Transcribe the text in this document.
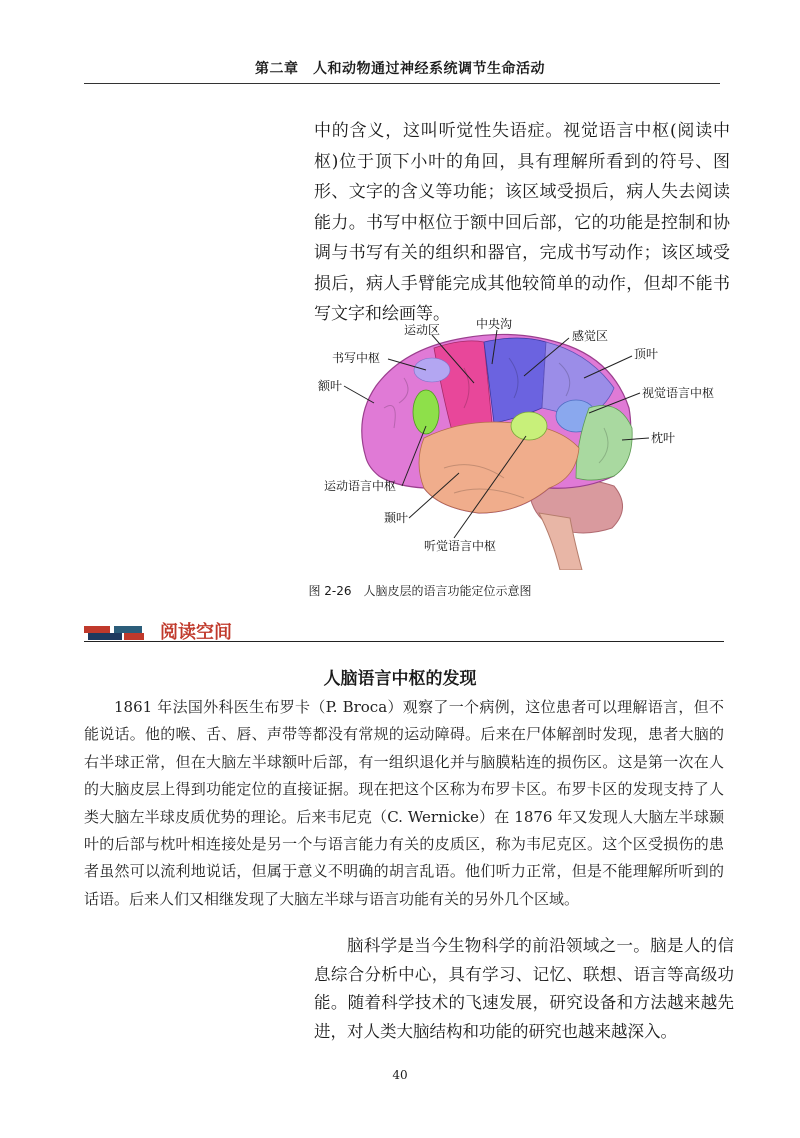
第二章　人和动物通过神经系统调节生命活动
中的含义，这叫听觉性失语症。视觉语言中枢(阅读中枢)位于顶下小叶的角回，具有理解所看到的符号、图形、文字的含义等功能；该区域受损后，病人失去阅读能力。书写中枢位于额中回后部，它的功能是控制和协调与书写有关的组织和器官，完成书写动作；该区域受损后，病人手臂能完成其他较简单的动作，但却不能书写文字和绘画等。
运动区	中央沟
感觉区
书写中枢	顶叶
额叶	视觉语言中枢
枕叶
运动语言中枢
颞叶
听觉语言中枢
图 2-26　人脑皮层的语言功能定位示意图
阅读空间
人脑语言中枢的发现
1861 年法国外科医生布罗卡（P. Broca）观察了一个病例，这位患者可以理解语言，但不能说话。他的喉、舌、唇、声带等都没有常规的运动障碍。后来在尸体解剖时发现，患者大脑的右半球正常，但在大脑左半球额叶后部，有一组织退化并与脑膜粘连的损伤区。这是第一次在人的大脑皮层上得到功能定位的直接证据。现在把这个区称为布罗卡区。布罗卡区的发现支持了人类大脑左半球皮质优势的理论。后来韦尼克（C. Wernicke）在 1876 年又发现人大脑左半球颞叶的后部与枕叶相连接处是另一个与语言能力有关的皮质区，称为韦尼克区。这个区受损伤的患者虽然可以流利地说话，但属于意义不明确的胡言乱语。他们听力正常，但是不能理解所听到的话语。后来人们又相继发现了大脑左半球与语言功能有关的另外几个区域。
脑科学是当今生物科学的前沿领域之一。脑是人的信息综合分析中心，具有学习、记忆、联想、语言等高级功能。随着科学技术的飞速发展，研究设备和方法越来越先进，对人类大脑结构和功能的研究也越来越深入。
40
